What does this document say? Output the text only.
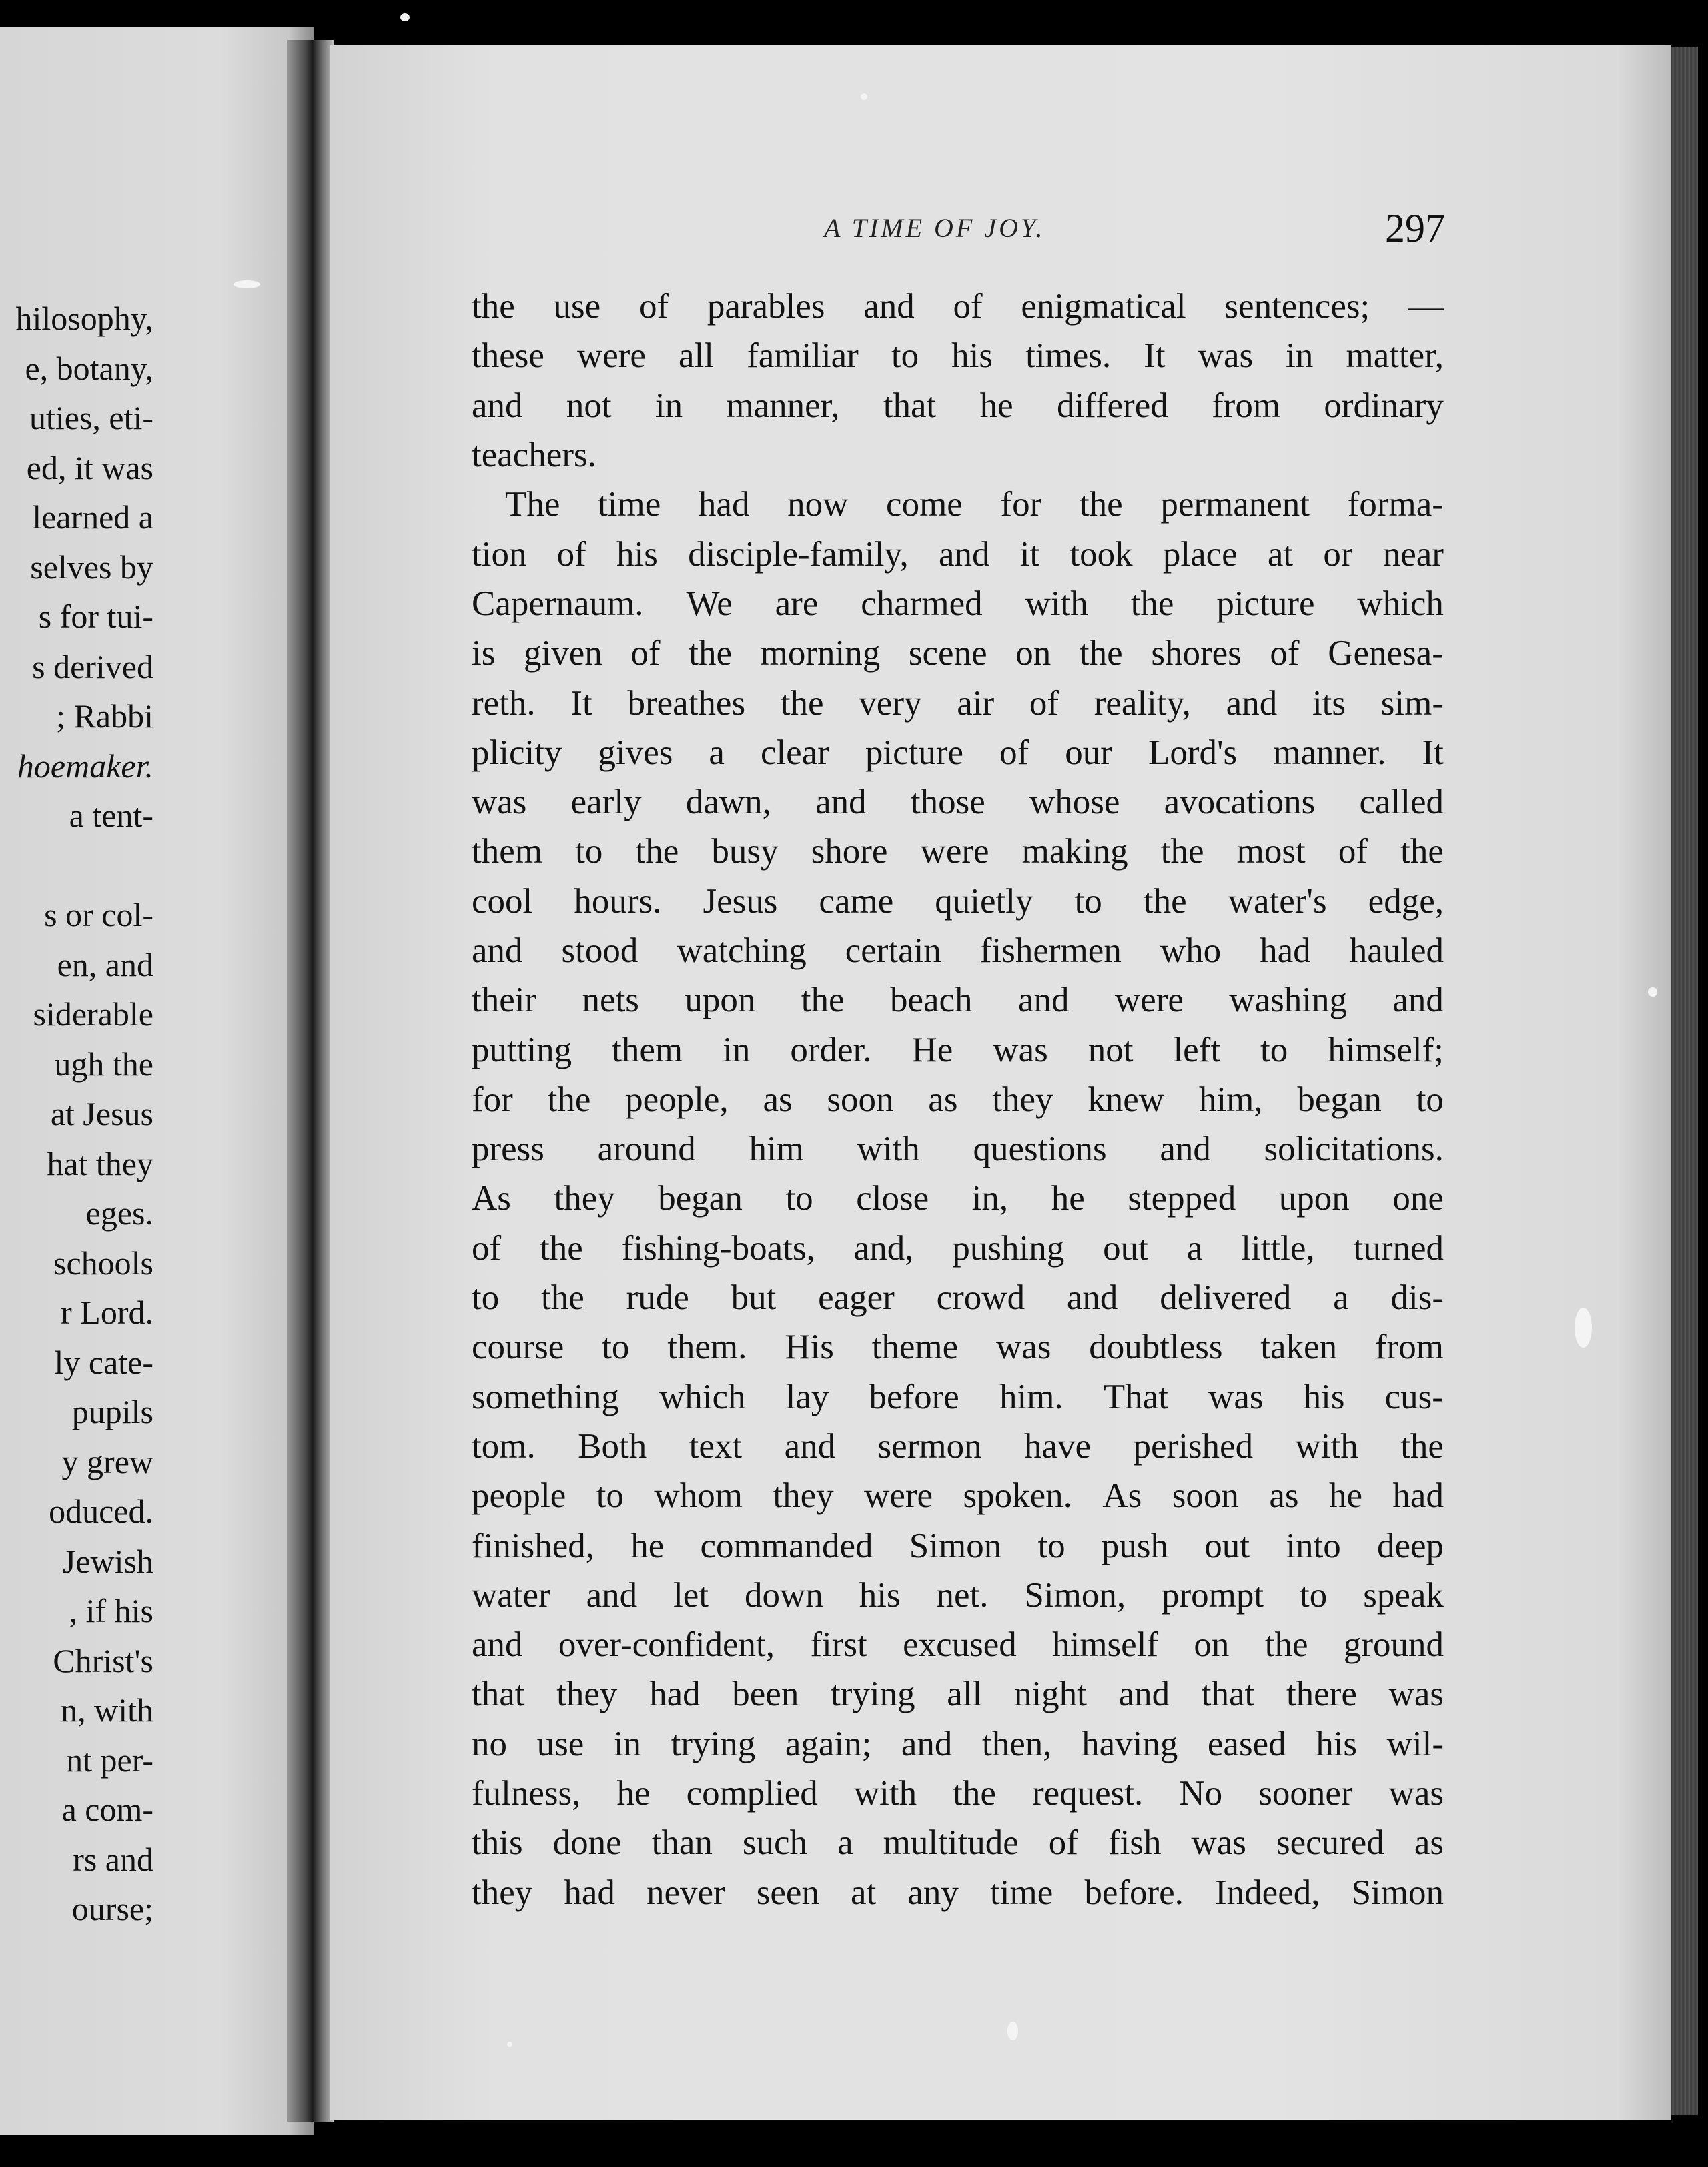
hilosophy,
e, botany,
uties, eti-
ed, it was
learned a
selves by
s for tui-
s derived
; Rabbi
hoemaker.
a tent-
s or col-
en, and
siderable
ugh the
at Jesus
hat they
eges.
schools
r Lord.
ly cate-
pupils
y grew
oduced.
Jewish
, if his
Christ's
n, with
nt per-
a com-
rs and
ourse;
A TIME OF JOY.	297
the use of parables and of enigmatical sentences; —
these were all familiar to his times. It was in matter,
and not in manner, that he differed from ordinary
teachers.
The time had now come for the permanent forma-
tion of his disciple-family, and it took place at or near
Capernaum. We are charmed with the picture which
is given of the morning scene on the shores of Genesa-
reth. It breathes the very air of reality, and its sim-
plicity gives a clear picture of our Lord's manner. It
was early dawn, and those whose avocations called
them to the busy shore were making the most of the
cool hours. Jesus came quietly to the water's edge,
and stood watching certain fishermen who had hauled
their nets upon the beach and were washing and
putting them in order. He was not left to himself;
for the people, as soon as they knew him, began to
press around him with questions and solicitations.
As they began to close in, he stepped upon one
of the fishing-boats, and, pushing out a little, turned
to the rude but eager crowd and delivered a dis-
course to them. His theme was doubtless taken from
something which lay before him. That was his cus-
tom. Both text and sermon have perished with the
people to whom they were spoken. As soon as he had
finished, he commanded Simon to push out into deep
water and let down his net. Simon, prompt to speak
and over-confident, first excused himself on the ground
that they had been trying all night and that there was
no use in trying again; and then, having eased his wil-
fulness, he complied with the request. No sooner was
this done than such a multitude of fish was secured as
they had never seen at any time before. Indeed, Simon
